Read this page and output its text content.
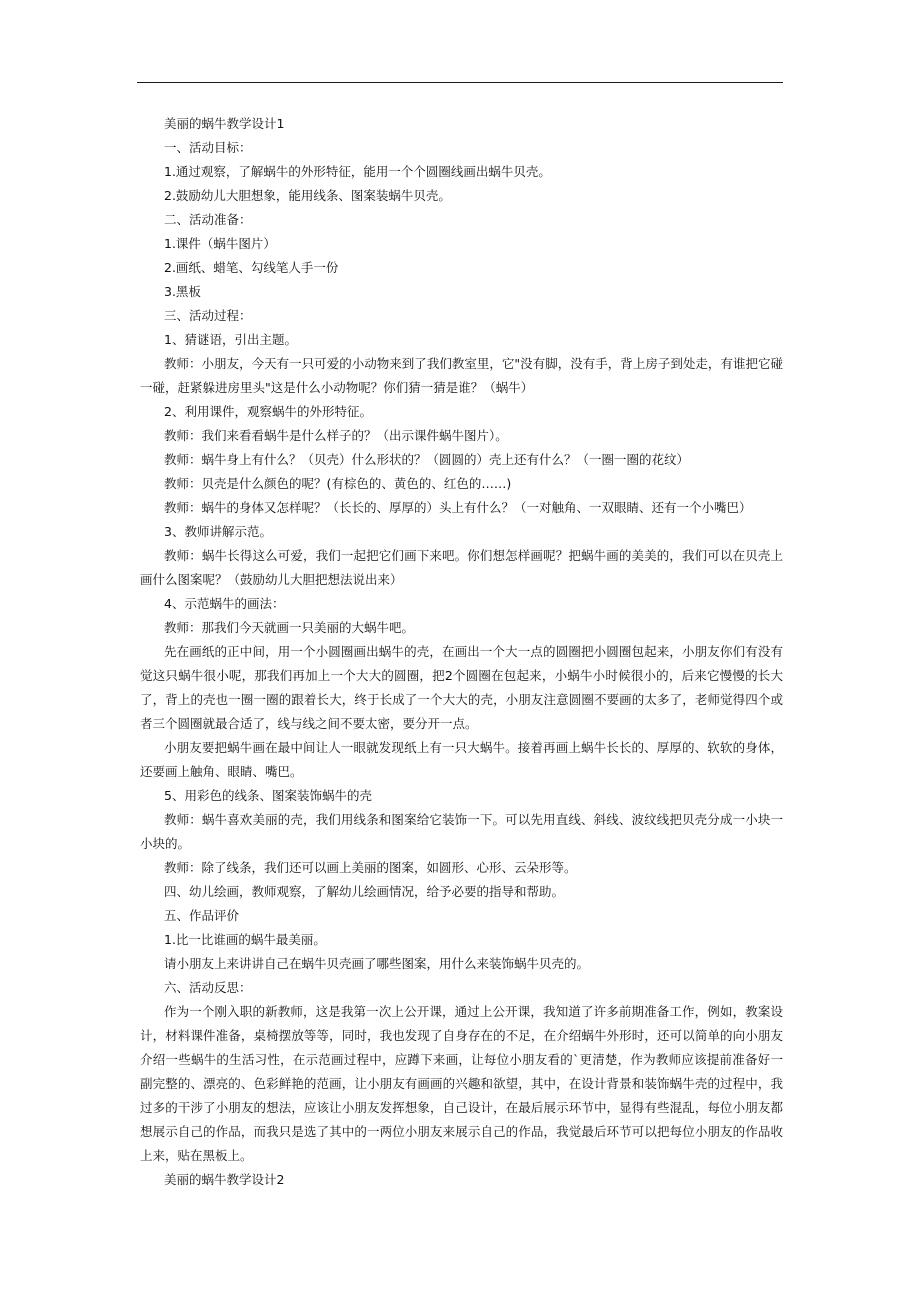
美丽的蜗牛教学设计1

一、活动目标：

1.通过观察，了解蜗牛的外形特征，能用一个个圆圈线画出蜗牛贝壳。

2.鼓励幼儿大胆想象，能用线条、图案装蜗牛贝壳。

二、活动准备：

1.课件（蜗牛图片）

2.画纸、蜡笔、勾线笔人手一份

3.黑板

三、活动过程：

1、猜谜语，引出主题。

教师：小朋友，今天有一只可爱的小动物来到了我们教室里，它"没有脚，没有手，背上房子到处走，有谁把它碰一碰，赶紧躲进房里头"这是什么小动物呢？你们猜一猜是谁？（蜗牛）

2、利用课件，观察蜗牛的外形特征。

教师：我们来看看蜗牛是什么样子的？（出示课件蜗牛图片）。

教师：蜗牛身上有什么？（贝壳）什么形状的？（圆圆的）壳上还有什么？（一圈一圈的花纹）

教师：贝壳是什么颜色的呢？(有棕色的、黄色的、红色的……)

教师：蜗牛的身体又怎样呢？（长长的、厚厚的）头上有什么？（一对触角、一双眼睛、还有一个小嘴巴）

3、教师讲解示范。

教师：蜗牛长得这么可爱，我们一起把它们画下来吧。你们想怎样画呢？把蜗牛画的美美的，我们可以在贝壳上画什么图案呢？（鼓励幼儿大胆把想法说出来）

4、示范蜗牛的画法：

教师：那我们今天就画一只美丽的大蜗牛吧。

先在画纸的正中间，用一个小圆圈画出蜗牛的壳，在画出一个大一点的圆圈把小圆圈包起来，小朋友你们有没有觉这只蜗牛很小呢，那我们再加上一个大大的圆圈，把2个圆圈在包起来，小蜗牛小时候很小的，后来它慢慢的长大了，背上的壳也一圈一圈的跟着长大，终于长成了一个大大的壳，小朋友注意圆圈不要画的太多了，老师觉得四个或者三个圆圈就最合适了，线与线之间不要太密，要分开一点。

小朋友要把蜗牛画在最中间让人一眼就发现纸上有一只大蜗牛。接着再画上蜗牛长长的、厚厚的、软软的身体，还要画上触角、眼睛、嘴巴。

5、用彩色的线条、图案装饰蜗牛的壳

教师：蜗牛喜欢美丽的壳，我们用线条和图案给它装饰一下。可以先用直线、斜线、波纹线把贝壳分成一小块一小块的。

教师：除了线条，我们还可以画上美丽的图案，如圆形、心形、云朵形等。

四、幼儿绘画，教师观察，了解幼儿绘画情况，给予必要的指导和帮助。

五、作品评价

1.比一比谁画的蜗牛最美丽。

请小朋友上来讲讲自己在蜗牛贝壳画了哪些图案，用什么来装饰蜗牛贝壳的。

六、活动反思：

作为一个刚入职的新教师，这是我第一次上公开课，通过上公开课，我知道了许多前期准备工作，例如，教案设计，材料课件准备，桌椅摆放等等，同时，我也发现了自身存在的不足，在介绍蜗牛外形时，还可以简单的向小朋友介绍一些蜗牛的生活习性，在示范画过程中，应蹲下来画，让每位小朋友看的`更清楚，作为教师应该提前准备好一副完整的、漂亮的、色彩鲜艳的范画，让小朋友有画画的兴趣和欲望，其中，在设计背景和装饰蜗牛壳的过程中，我过多的干涉了小朋友的想法，应该让小朋友发挥想象，自己设计，在最后展示环节中，显得有些混乱，每位小朋友都想展示自己的作品，而我只是选了其中的一两位小朋友来展示自己的作品，我觉最后环节可以把每位小朋友的作品收上来，贴在黑板上。

美丽的蜗牛教学设计2
